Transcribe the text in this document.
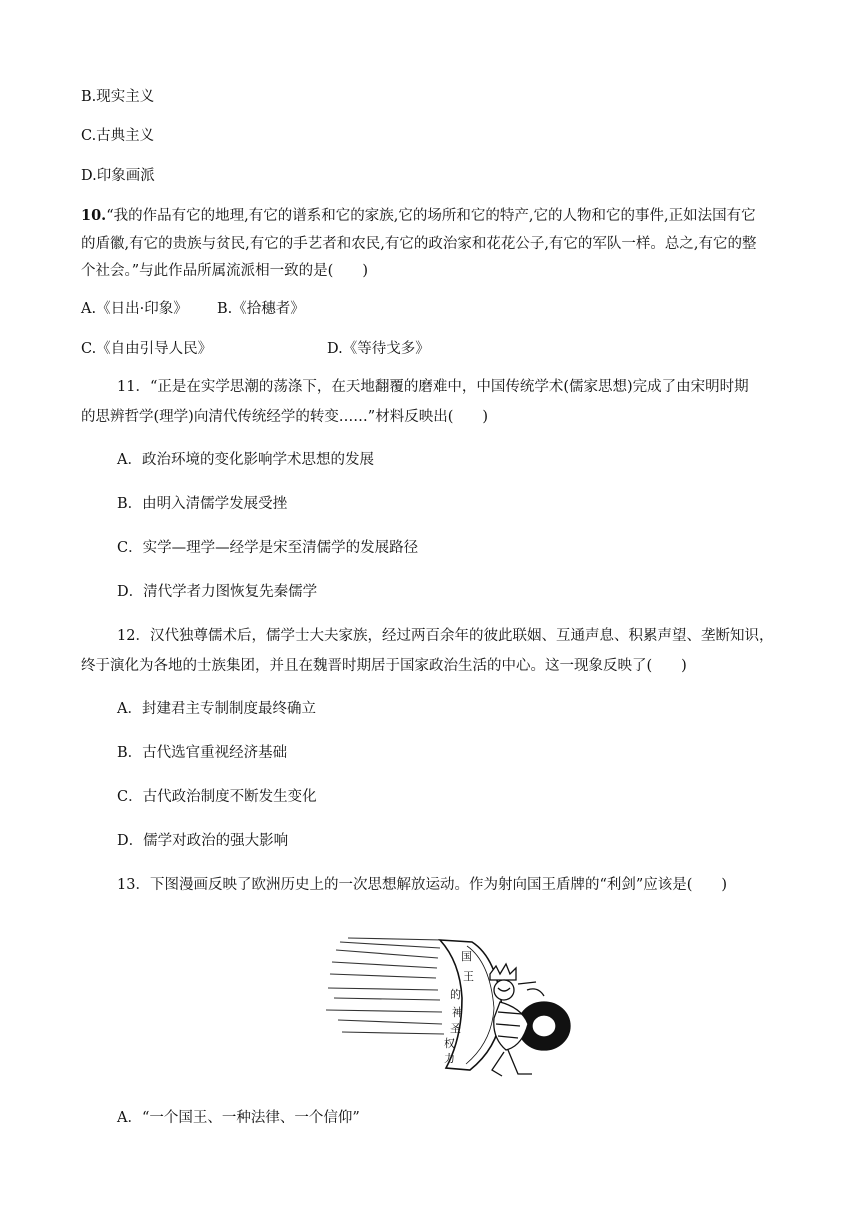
B.现实主义
C.古典主义
D.印象画派
10.“我的作品有它的地理,有它的谱系和它的家族,它的场所和它的特产,它的人物和它的事件,正如法国有它
的盾徽,有它的贵族与贫民,有它的手艺者和农民,有它的政治家和花花公子,有它的军队一样。总之,有它的整
个社会。”与此作品所属流派相一致的是(　　)
A.《日出·印象》 B.《拾穗者》
C.《自由引导人民》	D.《等待戈多》
11．“正是在实学思潮的荡涤下，在天地翻覆的磨难中，中国传统学术(儒家思想)完成了由宋明时期
的思辨哲学(理学)向清代传统经学的转变……”材料反映出(　　)
A．政治环境的变化影响学术思想的发展
B．由明入清儒学发展受挫
C．实学—理学—经学是宋至清儒学的发展路径
D．清代学者力图恢复先秦儒学
12．汉代独尊儒术后，儒学士大夫家族，经过两百余年的彼此联姻、互通声息、积累声望、垄断知识，
终于演化为各地的士族集团，并且在魏晋时期居于国家政治生活的中心。这一现象反映了(　　)
A．封建君主专制制度最终确立
B．古代选官重视经济基础
C．古代政治制度不断发生变化
D．儒学对政治的强大影响
13．下图漫画反映了欧洲历史上的一次思想解放运动。作为射向国王盾牌的“利剑”应该是(　　)
国
王
的
神
圣
权
力
A．“一个国王、一种法律、一个信仰”
